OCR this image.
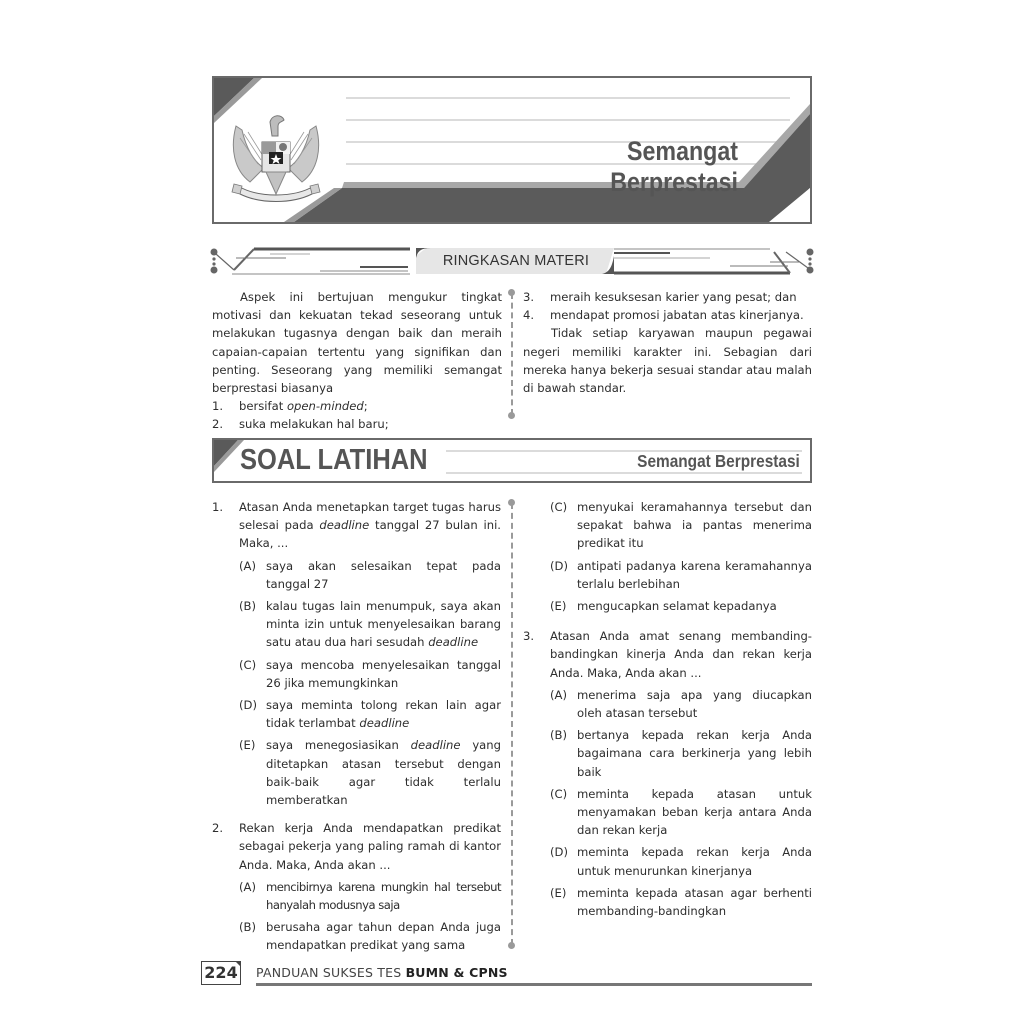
Semangat Berprestasi
RINGKASAN MATERI

Aspek ini bertujuan mengukur tingkat motivasi dan kekuatan tekad seseorang untuk melakukan tugasnya dengan baik dan meraih capaian-capaian tertentu yang signifikan dan penting. Seseorang yang memiliki semangat berprestasi biasanya

1.	bersifat open-minded;
2.	suka melakukan hal baru;
3.	meraih kesuksesan karier yang pesat; dan
4.	mendapat promosi jabatan atas kinerjanya.

Tidak setiap karyawan maupun pegawai negeri memiliki karakter ini. Sebagian dari mereka hanya bekerja sesuai standar atau malah di bawah standar.

SOAL LATIHAN	Semangat Berprestasi
1.	Atasan Anda menetapkan target tugas harus selesai pada deadline tanggal 27 bulan ini. Maka, ...
(A) saya akan selesaikan tepat pada tanggal 27
(B) kalau tugas lain menumpuk, saya akan minta izin untuk menyelesaikan barang satu atau dua hari sesudah deadline
(C) saya mencoba menyelesaikan tanggal 26 jika memungkinkan
(D) saya meminta tolong rekan lain agar tidak terlambat deadline
(E) saya menegosiasikan deadline yang ditetapkan atasan tersebut dengan baik-baik agar tidak terlalu memberatkan
2.	Rekan kerja Anda mendapatkan predikat sebagai pekerja yang paling ramah di kantor Anda. Maka, Anda akan ...
(A) mencibirnya karena mungkin hal tersebut hanyalah modusnya saja
(B) berusaha agar tahun depan Anda juga mendapatkan predikat yang sama
(C) menyukai keramahannya tersebut dan sepakat bahwa ia pantas menerima predikat itu
(D) antipati padanya karena keramahannya terlalu berlebihan
(E) mengucapkan selamat kepadanya
3.	Atasan Anda amat senang membanding-bandingkan kinerja Anda dan rekan kerja Anda. Maka, Anda akan ...
(A) menerima saja apa yang diucapkan oleh atasan tersebut
(B) bertanya kepada rekan kerja Anda bagaimana cara berkinerja yang lebih baik
(C) meminta kepada atasan untuk menyamakan beban kerja antara Anda dan rekan kerja
(D) meminta kepada rekan kerja Anda untuk menurunkan kinerjanya
(E) meminta kepada atasan agar berhenti membanding-bandingkan
224 PANDUAN SUKSES TES BUMN & CPNS
